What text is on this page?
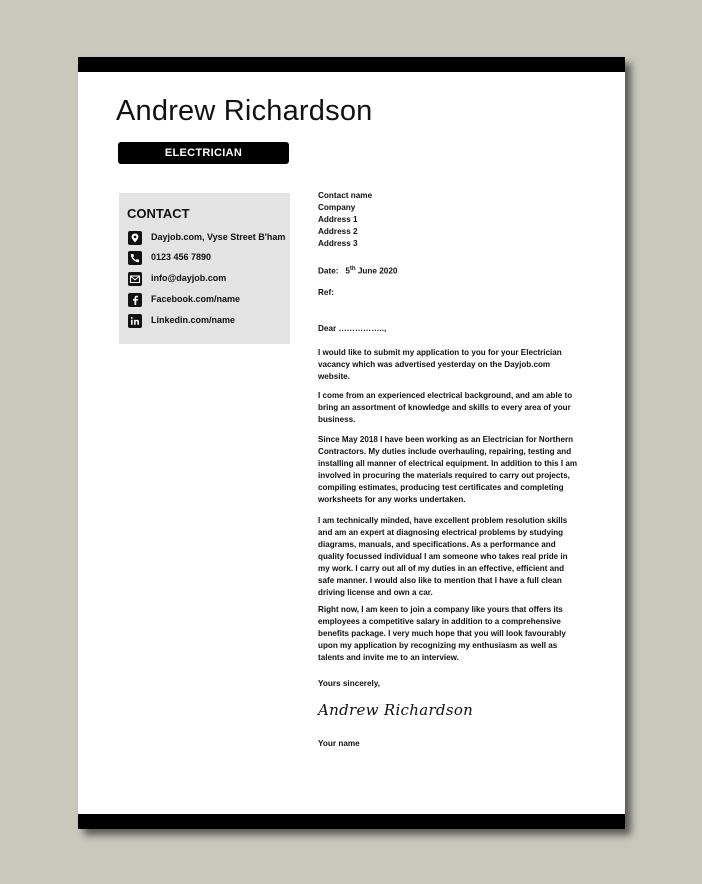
Andrew Richardson
ELECTRICIAN
CONTACT
Dayjob.com, Vyse Street B'ham
0123 456 7890
info@dayjob.com
Facebook.com/name
Linkedin.com/name
Contact name
Company
Address 1
Address 2
Address 3
Date: 5th June 2020
Ref:
Dear ……………..,
I would like to submit my application to you for your Electrician vacancy which was advertised yesterday on the Dayjob.com website.
I come from an experienced electrical background, and am able to bring an assortment of knowledge and skills to every area of your business.
Since May 2018 I have been working as an Electrician for Northern Contractors. My duties include overhauling, repairing, testing and installing all manner of electrical equipment. In addition to this I am involved in procuring the materials required to carry out projects, compiling estimates, producing test certificates and completing worksheets for any works undertaken.
I am technically minded, have excellent problem resolution skills and am an expert at diagnosing electrical problems by studying diagrams, manuals, and specifications. As a performance and quality focussed individual I am someone who takes real pride in my work. I carry out all of my duties in an effective, efficient and safe manner. I would also like to mention that I have a full clean driving license and own a car.
Right now, I am keen to join a company like yours that offers its employees a competitive salary in addition to a comprehensive benefits package. I very much hope that you will look favourably upon my application by recognizing my enthusiasm as well as talents and invite me to an interview.
Yours sincerely,
Andrew Richardson
Your name
